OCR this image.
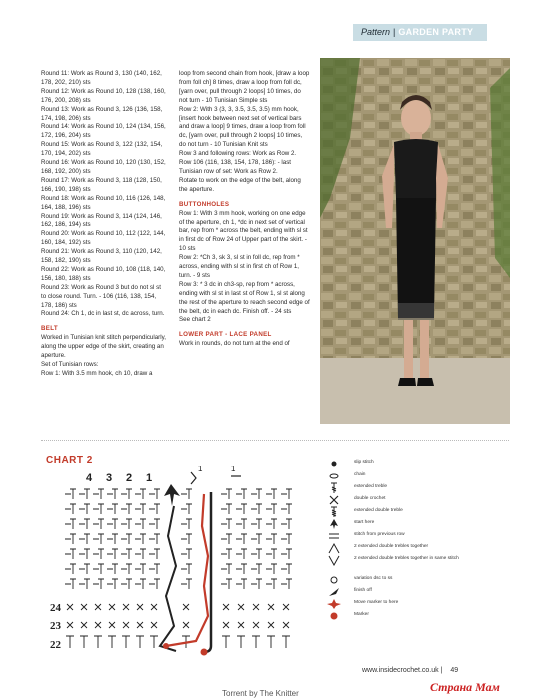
Pattern | GARDEN PARTY

Round 11: Work as Round 3, 130 (140, 162, 178, 202, 210) sts

Round 12: Work as Round 10, 128 (138, 160, 176, 200, 208) sts

Round 13: Work as Round 3, 126 (136, 158, 174, 198, 206) sts

Round 14: Work as Round 10, 124 (134, 156, 172, 196, 204) sts

Round 15: Work as Round 3, 122 (132, 154, 170, 194, 202) sts

Round 16: Work as Round 10, 120 (130, 152, 168, 192, 200) sts

Round 17: Work as Round 3, 118 (128, 150, 166, 190, 198) sts

Round 18: Work as Round 10, 116 (126, 148, 164, 188, 196) sts

Round 19: Work as Round 3, 114 (124, 146, 162, 186, 194) sts

Round 20: Work as Round 10, 112 (122, 144, 160, 184, 192) sts

Round 21: Work as Round 3, 110 (120, 142, 158, 182, 190) sts

Round 22: Work as Round 10, 108 (118, 140, 156, 180, 188) sts

Round 23: Work as Round 3 but do not sl st to close round. Turn. - 106 (116, 138, 154, 178, 186) sts

Round 24: Ch 1, dc in last st, dc across, turn.

BELT

Worked in Tunisian knit stitch perpendicularly, along the upper edge of the skirt, creating an aperture.

Set of Tunisian rows:

Row 1: With 3.5 mm hook, ch 10, draw a

loop from second chain from hook, [draw a loop from foll ch] 8 times, draw a loop from foll dc, [yarn over, pull through 2 loops] 10 times, do not turn - 10 Tunisian Simple sts

Row 2: With 3 (3, 3, 3.5, 3.5, 3.5) mm hook, [insert hook between next set of vertical bars and draw a loop] 9 times, draw a loop from foll dc, [yarn over, pull through 2 loops] 10 times, do not turn - 10 Tunisian Knit sts

Row 3 and following rows: Work as Row 2.

Row 106 (116, 138, 154, 178, 186): - last Tunisian row of set: Work as Row 2.

Rotate to work on the edge of the belt, along the aperture.

BUTTONHOLES

Row 1: With 3 mm hook, working on one edge of the aperture, ch 1, *dc in next set of vertical bar, rep from * across the belt, ending with sl st in first dc of Row 24 of Upper part of the skirt. - 10 sts

Row 2: *Ch 3, sk 3, sl st in foll dc, rep from * across, ending with sl st in first ch of Row 1, turn. - 9 sts

Row 3: * 3 dc in ch3-sp, rep from * across, ending with sl st in last st of Row 1, sl st along the rest of the aperture to reach second edge of the belt, dc in each dc. Finish off. - 24 sts

See chart 2

LOWER PART - LACE PANEL

Work in rounds, do not turn at the end of

CHART 2
4 3 2 1
1	1
24
23
22
slip stitch
chain
extended treble
double crochet
extended double treble
start here
stitch from previous row
2 extended double trebles together
2 extended double trebles together in same stitch
variation dsc to ss
finish off
Move marker to here
Marker
www.insidecrochet.co.uk | 49
Torrent by The Knitter	Страна Мам
